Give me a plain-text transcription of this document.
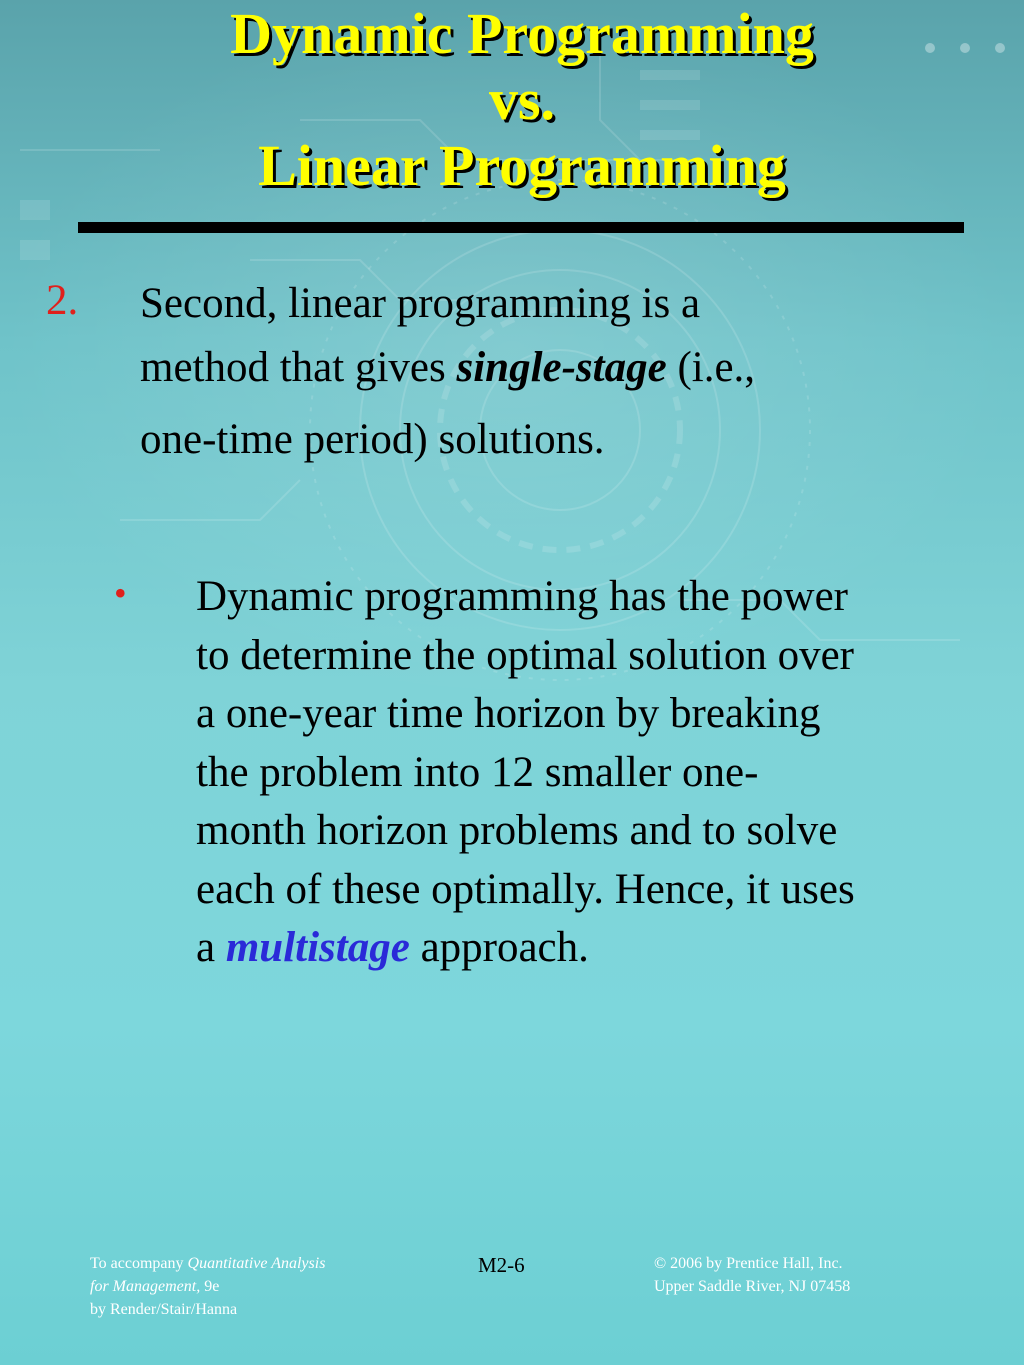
Dynamic Programming
vs.
Linear Programming
2. Second, linear programming is a
method that gives single-stage (i.e.,
one-time period) solutions.
• Dynamic programming has the power
to determine the optimal solution over
a one-year time horizon by breaking
the problem into 12 smaller one-
month horizon problems and to solve
each of these optimally. Hence, it uses
a multistage approach.
To accompany Quantitative Analysis
for Management, 9e
by Render/Stair/Hanna
M2-6	© 2006 by Prentice Hall, Inc.
Upper Saddle River, NJ 07458
